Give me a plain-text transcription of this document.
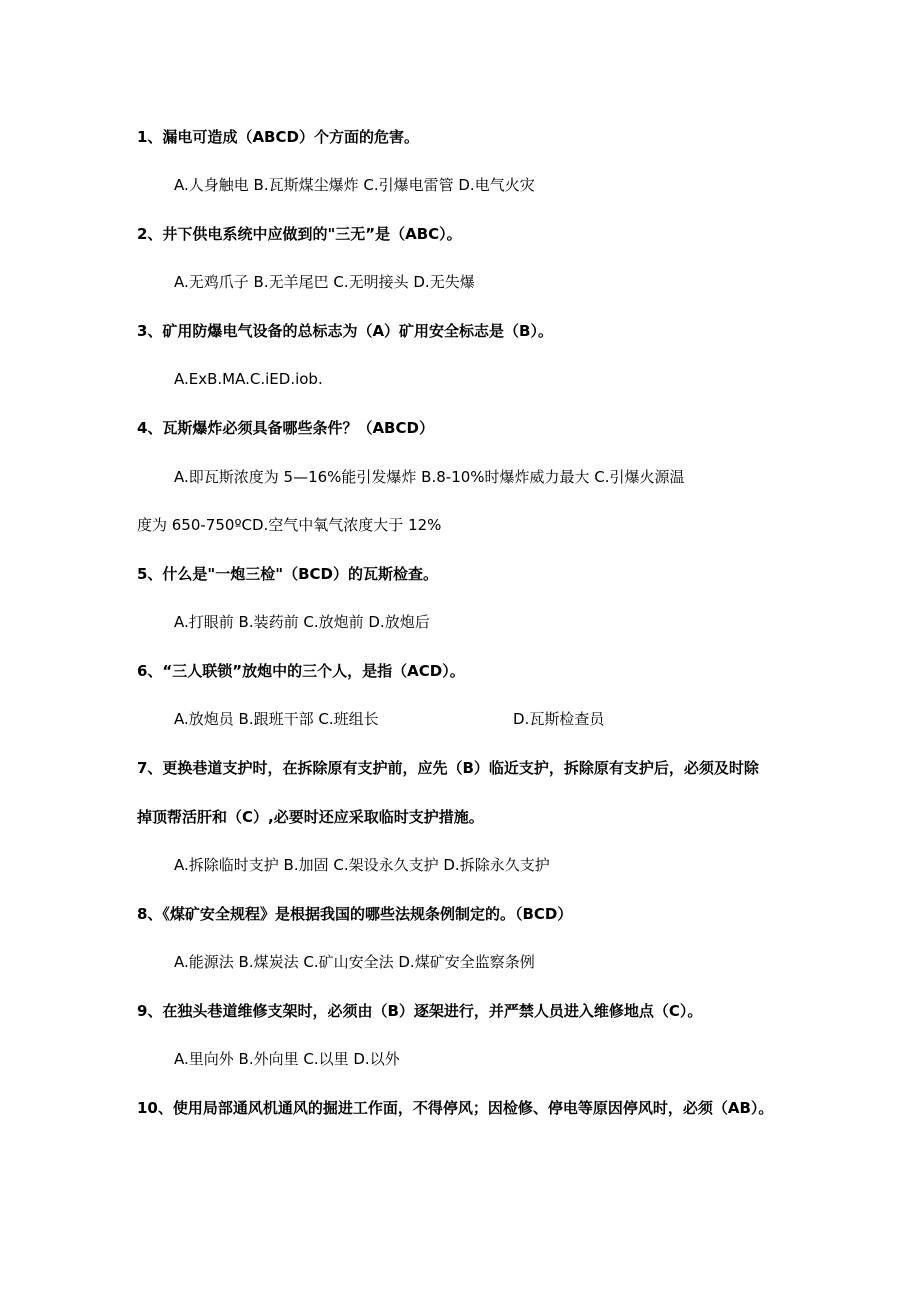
1、漏电可造成（ABCD）个方面的危害。
A.人身触电 B.瓦斯煤尘爆炸 C.引爆电雷管 D.电气火灾
2、井下供电系统中应做到的"三无”是（ABC）。
A.无鸡爪子 B.无羊尾巴 C.无明接头 D.无失爆
3、矿用防爆电气设备的总标志为（A）矿用安全标志是（B）。
A.ExB.MA.C.iED.iob.
4、瓦斯爆炸必须具备哪些条件？（ABCD）
A.即瓦斯浓度为 5—16%能引发爆炸 B.8-10%时爆炸威力最大 C.引爆火源温
度为 650-750ºCD.空气中氧气浓度大于 12%
5、什么是"一炮三检"（BCD）的瓦斯检查。
A.打眼前 B.装药前 C.放炮前 D.放炮后
6、“三人联锁”放炮中的三个人，是指（ACD）。
A.放炮员 B.跟班干部 C.班组长	D.瓦斯检查员
7、更换巷道支护时，在拆除原有支护前，应先（B）临近支护，拆除原有支护后，必须及时除
掉顶帮活肝和（C）,必要时还应采取临时支护措施。
A.拆除临时支护 B.加固 C.架设永久支护 D.拆除永久支护
8、《煤矿安全规程》是根据我国的哪些法规条例制定的。（BCD）
A.能源法 B.煤炭法 C.矿山安全法 D.煤矿安全监察条例
9、在独头巷道维修支架时，必须由（B）逐架进行，并严禁人员进入维修地点（C）。
A.里向外 B.外向里 C.以里 D.以外
10、使用局部通风机通风的掘进工作面，不得停风；因检修、停电等原因停风时，必须（AB）。
